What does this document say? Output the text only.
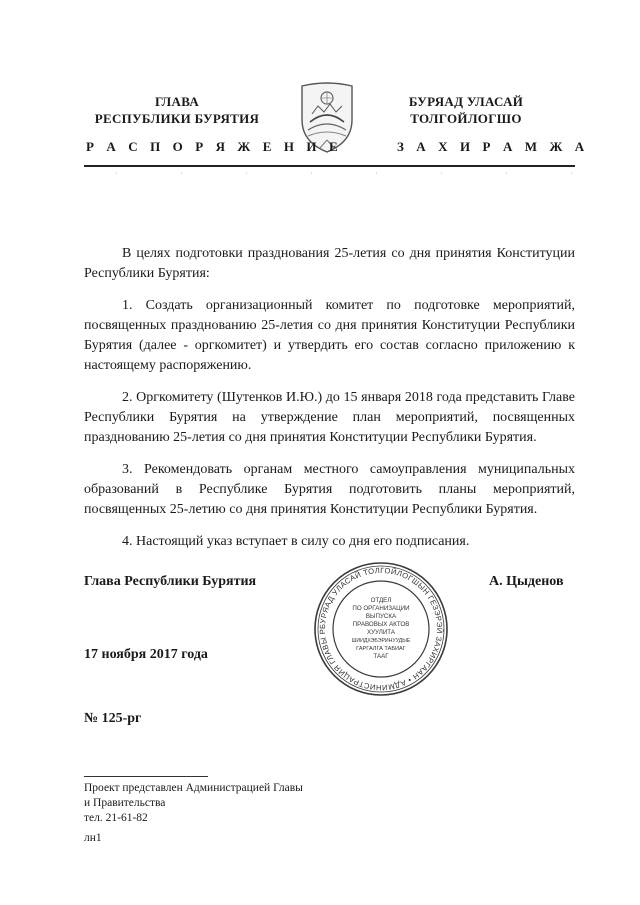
ГЛАВА
РЕСПУБЛИКИ БУРЯТИЯ
БУРЯАД УЛАСАЙ
ТОЛГОЙЛОГШО
Р А С П О Р Я Ж Е Н И Е	З А Х И Р А М Ж А

В целях подготовки празднования 25-летия со дня принятия Конституции Республики Бурятия:

1. Создать организационный комитет по подготовке мероприятий, посвященных празднованию 25-летия со дня принятия Конституции Республики Бурятия (далее - оргкомитет) и утвердить его состав согласно приложению к настоящему распоряжению.

2. Оргкомитету (Шутенков И.Ю.) до 15 января 2018 года представить Главе Республики Бурятия на утверждение план мероприятий, посвященных празднованию 25-летия со дня принятия Конституции Республики Бурятия.

3. Рекомендовать органам местного самоуправления муниципальных образований в Республике Бурятия подготовить планы мероприятий, посвященных 25-летию со дня принятия Конституции Республики Бурятия.

4. Настоящий указ вступает в силу со дня его подписания.

Глава Республики Бурятия	А. Цыденов
17 ноября 2017 года
№ 125-рг
БУРЯАД УЛАСАЙ ТОЛГОЙЛОГШЫН ГЕЗЭРЭЙ ЗАХИРГААН • АДМИНИСТРАЦИЯ ГЛАВЫ Р
ОТДЕЛ
ПО ОРГАНИЗАЦИИ
ВЫПУСКА
ПРАВОВЫХ АКТОВ
ХУУЛИТА
ШИИДХЭБЭРИНУУДЫЕ
ГАРГАЛГА ТАБИАГ
ТААГ
Проект представлен Администрацией Главы
и Правительства
тел. 21-61-82
лн1
